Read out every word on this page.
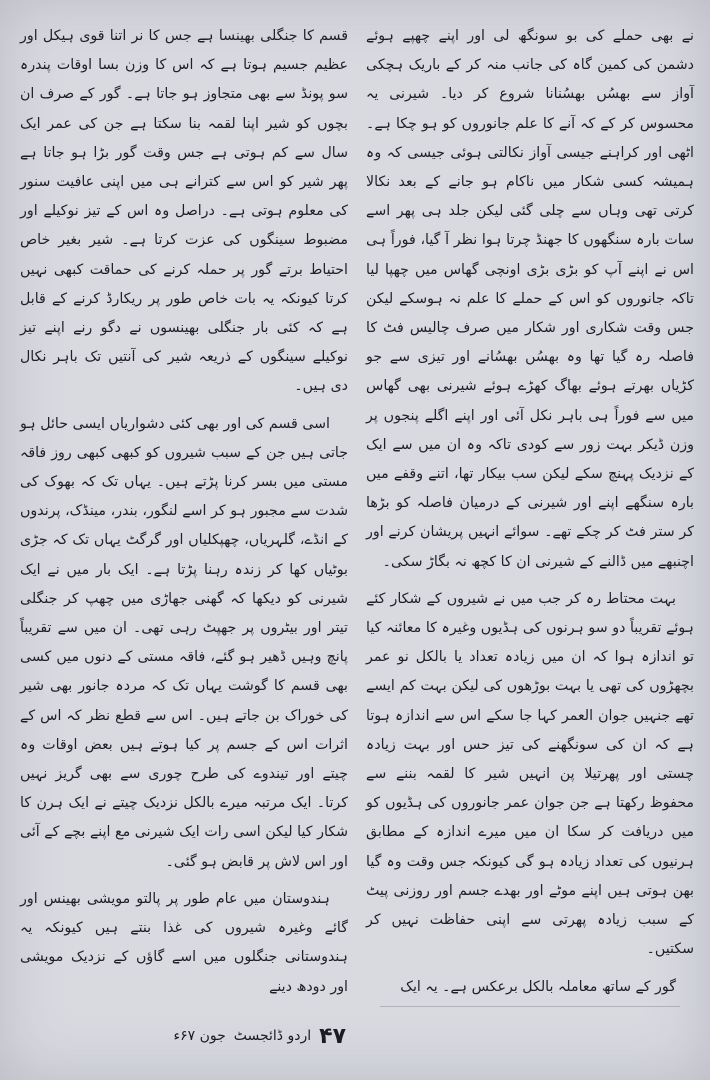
نے بھی حملے کی بو سونگھ لی اور اپنے چھپے ہوئے دشمن کی کمین گاہ کی جانب منہ کر کے باریک ہچکی آواز سے بھسُں بھسُنانا شروع کر دیا۔ شیرنی یہ محسوس کر کے کہ آنے کا علم جانوروں کو ہو چکا ہے۔ اٹھی اور کراہنے جیسی آواز نکالتی ہوئی جیسی کہ وہ ہمیشہ کسی شکار میں ناکام ہو جانے کے بعد نکالا کرتی تھی وہاں سے چلی گئی لیکن جلد ہی پھر اسے سات بارہ سنگھوں کا جھنڈ چرتا ہوا نظر آ گیا، فوراً ہی اس نے اپنے آپ کو بڑی بڑی اونچی گھاس میں چھپا لیا تاکہ جانوروں کو اس کے حملے کا علم نہ ہوسکے لیکن جس وقت شکاری اور شکار میں صرف چالیس فٹ کا فاصلہ رہ گیا تھا وہ بھسُں بھسُانے اور تیزی سے جو کڑیاں بھرتے ہوئے بھاگ کھڑے ہوئے شیرنی بھی گھاس میں سے فوراً ہی باہر نکل آئی اور اپنے اگلے پنجوں پر وزن ڈیکر بہت زور سے کودی تاکہ وہ ان میں سے ایک کے نزدیک پہنچ سکے لیکن سب بیکار تھا، اتنے وقفے میں بارہ سنگھے اپنے اور شیرنی کے درمیان فاصلہ کو بڑھا کر ستر فٹ کر چکے تھے۔ سوائے انہیں پریشان کرنے اور اچنبھے میں ڈالنے کے شیرنی ان کا کچھ نہ بگاڑ سکی۔

بہت محتاط رہ کر جب میں نے شیروں کے شکار کئے ہوئے تقریباً دو سو ہرنوں کی ہڈیوں وغیرہ کا معائنہ کیا تو اندازہ ہوا کہ ان میں زیادہ تعداد یا بالکل نو عمر بچھڑوں کی تھی یا بہت بوڑھوں کی لیکن بہت کم ایسے تھے جنہیں جوان العمر کہا جا سکے اس سے اندازہ ہوتا ہے کہ ان کی سونگھنے کی تیز حس اور بہت زیادہ چستی اور پھرتیلا پن انہیں شیر کا لقمہ بننے سے محفوظ رکھتا ہے جن جوان عمر جانوروں کی ہڈیوں کو میں دریافت کر سکا ان میں میرے اندازہ کے مطابق ہرنیوں کی تعداد زیادہ ہو گی کیونکہ جس وقت وہ گیا بھن ہوتی ہیں اپنے موٹے اور بھدے جسم اور روزنی پیٹ کے سبب زیادہ پھرتی سے اپنی حفاظت نہیں کر سکتیں۔

گور کے ساتھ معاملہ بالکل برعکس ہے۔ یہ ایک

قسم کا جنگلی بھینسا ہے جس کا نر اتنا قوی ہیکل اور عظیم جسیم ہوتا ہے کہ اس کا وزن بسا اوقات پندرہ سو پونڈ سے بھی متجاوز ہو جاتا ہے۔ گور کے صرف ان بچوں کو شیر اپنا لقمہ بنا سکتا ہے جن کی عمر ایک سال سے کم ہوتی ہے جس وقت گور بڑا ہو جاتا ہے پھر شیر کو اس سے کترانے ہی میں اپنی عافیت سنور کی معلوم ہوتی ہے۔ دراصل وہ اس کے تیز نوکیلے اور مضبوط سینگوں کی عزت کرتا ہے۔ شیر بغیر خاص احتیاط برتے گور پر حملہ کرنے کی حماقت کبھی نہیں کرتا کیونکہ یہ بات خاص طور پر ریکارڈ کرنے کے قابل ہے کہ کئی بار جنگلی بھینسوں نے دگو رنے اپنے تیز نوکیلے سینگوں کے ذریعہ شیر کی آنتیں تک باہر نکال دی ہیں۔

اسی قسم کی اور بھی کئی دشواریاں ایسی حائل ہو جاتی ہیں جن کے سبب شیروں کو کبھی کبھی روز فاقہ مستی میں بسر کرنا پڑتے ہیں۔ یہاں تک کہ بھوک کی شدت سے مجبور ہو کر اسے لنگور، بندر، مینڈک، پرندوں کے انڈے، گلہریاں، چھپکلیاں اور گرگٹ یہاں تک کہ جڑی بوٹیاں کھا کر زندہ رہنا پڑتا ہے۔ ایک بار میں نے ایک شیرنی کو دیکھا کہ گھنی جھاڑی میں چھپ کر جنگلی تیتر اور بیٹروں پر جھپٹ رہی تھی۔ ان میں سے تقریباً پانچ وہیں ڈھیر ہو گئے، فاقہ مستی کے دنوں میں کسی بھی قسم کا گوشت یہاں تک کہ مردہ جانور بھی شیر کی خوراک بن جاتے ہیں۔ اس سے قطع نظر کہ اس کے اثرات اس کے جسم پر کیا ہوتے ہیں بعض اوقات وہ چیتے اور تیندوے کی طرح چوری سے بھی گریز نہیں کرتا۔ ایک مرتبہ میرے بالکل نزدیک چیتے نے ایک ہرن کا شکار کیا لیکن اسی رات ایک شیرنی مع اپنے بچے کے آئی اور اس لاش پر قابض ہو گئی۔

ہندوستان میں عام طور پر پالتو مویشی بھینس اور گائے وغیرہ شیروں کی غذا بنتے ہیں کیونکہ یہ ہندوستانی جنگلوں میں اسے گاؤں کے نزدیک مویشی اور دودھ دینے

۴۷
اردو ڈائجسٹ
جون ۶۷ء
